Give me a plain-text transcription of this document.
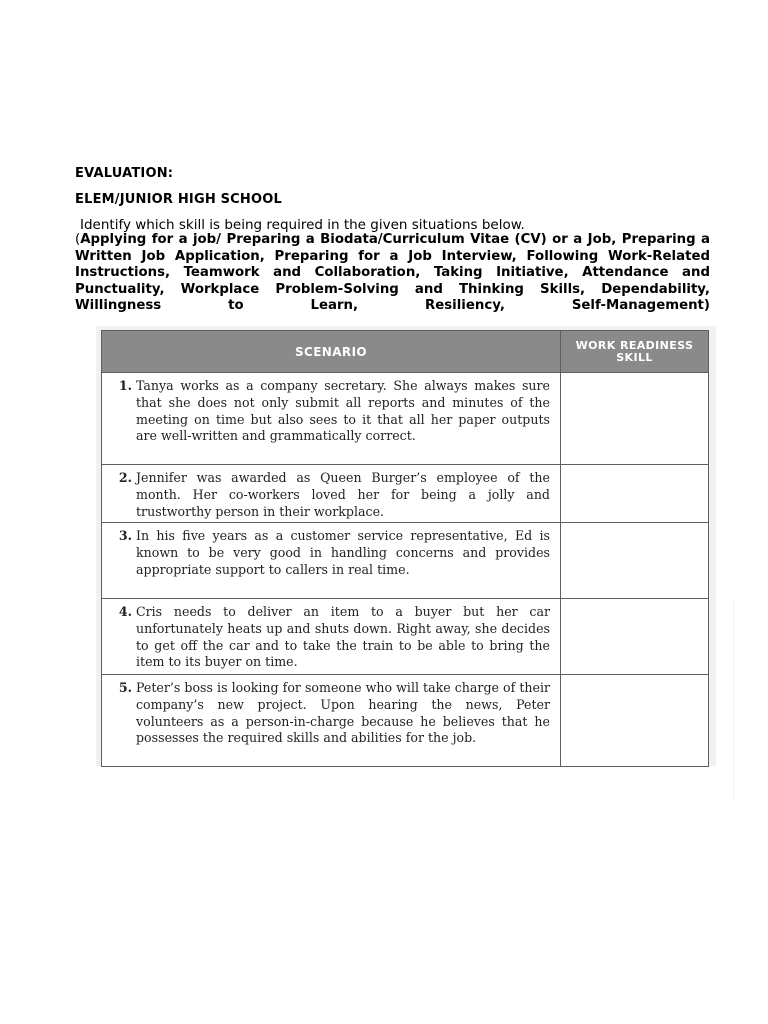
EVALUATION:
ELEM/JUNIOR HIGH SCHOOL
Identify which skill is being required in the given situations below.
(Applying for a job/ Preparing a Biodata/Curriculum Vitae (CV) or a Job, Preparing a Written Job Application, Preparing for a Job Interview, Following Work-Related Instructions, Teamwork and Collaboration, Taking Initiative, Attendance and Punctuality, Workplace Problem-Solving and Thinking Skills, Dependability, Willingness to Learn, Resiliency, Self-Management)
SCENARIO	WORK READINESS SKILL

1. Tanya works as a company secretary. She always makes sure that she does not only submit all reports and minutes of the meeting on time but also sees to it that all her paper outputs are well-written and grammatically correct.	

2. Jennifer was awarded as Queen Burger’s employee of the month. Her co-workers loved her for being a jolly and trustworthy person in their workplace.	

3. In his five years as a customer service representative, Ed is known to be very good in handling concerns and provides appropriate support to callers in real time.	

4. Cris needs to deliver an item to a buyer but her car unfortunately heats up and shuts down. Right away, she decides to get off the car and to take the train to be able to bring the item to its buyer on time.	

5. Peter’s boss is looking for someone who will take charge of their company’s new project. Upon hearing the news, Peter volunteers as a person-in-charge because he believes that he possesses the required skills and abilities for the job.	
